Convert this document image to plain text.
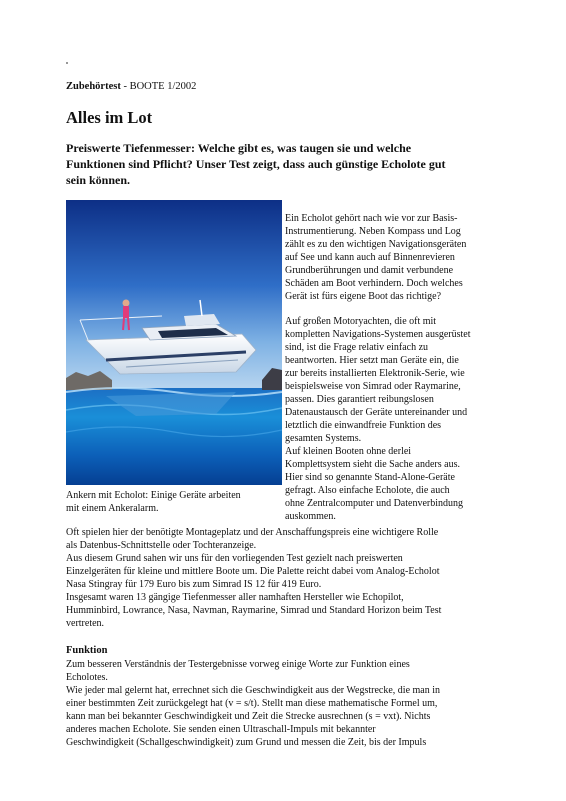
Zubehörtest - BOOTE 1/2002
Alles im Lot
Preiswerte Tiefenmesser: Welche gibt es, was taugen sie und welche
Funktionen sind Pflicht? Unser Test zeigt, dass auch günstige Echolote gut
sein können.
Ankern mit Echolot: Einige Geräte arbeiten
mit einem Ankeralarm.
Ein Echolot gehört nach wie vor zur Basis-
Instrumentierung. Neben Kompass und Log
zählt es zu den wichtigen Navigationsgeräten
auf See und kann auch auf Binnenrevieren
Grundberührungen und damit verbundene
Schäden am Boot verhindern. Doch welches
Gerät ist fürs eigene Boot das richtige?
Auf großen Motoryachten, die oft mit
kompletten Navigations-Systemen ausgerüstet
sind, ist die Frage relativ einfach zu
beantworten. Hier setzt man Geräte ein, die
zur bereits installierten Elektronik-Serie, wie
beispielsweise von Simrad oder Raymarine,
passen. Dies garantiert reibungslosen
Datenaustausch der Geräte untereinander und
letztlich die einwandfreie Funktion des
gesamten Systems.
Auf kleinen Booten ohne derlei
Komplettsystem sieht die Sache anders aus.
Hier sind so genannte Stand-Alone-Geräte
gefragt. Also einfache Echolote, die auch
ohne Zentralcomputer und Datenverbindung
auskommen.
Oft spielen hier der benötigte Montageplatz und der Anschaffungspreis eine wichtigere Rolle
als Datenbus-Schnittstelle oder Tochteranzeige.
Aus diesem Grund sahen wir uns für den vorliegenden Test gezielt nach preiswerten
Einzelgeräten für kleine und mittlere Boote um. Die Palette reicht dabei vom Analog-Echolot
Nasa Stingray für 179 Euro bis zum Simrad IS 12 für 419 Euro.
Insgesamt waren 13 gängige Tiefenmesser aller namhaften Hersteller wie Echopilot,
Humminbird, Lowrance, Nasa, Navman, Raymarine, Simrad und Standard Horizon beim Test
vertreten.
Funktion
Zum besseren Verständnis der Testergebnisse vorweg einige Worte zur Funktion eines
Echolotes.
Wie jeder mal gelernt hat, errechnet sich die Geschwindigkeit aus der Wegstrecke, die man in
einer bestimmten Zeit zurückgelegt hat (v = s/t). Stellt man diese mathematische Formel um,
kann man bei bekannter Geschwindigkeit und Zeit die Strecke ausrechnen (s = vxt). Nichts
anderes machen Echolote. Sie senden einen Ultraschall-Impuls mit bekannter
Geschwindigkeit (Schallgeschwindigkeit) zum Grund und messen die Zeit, bis der Impuls
